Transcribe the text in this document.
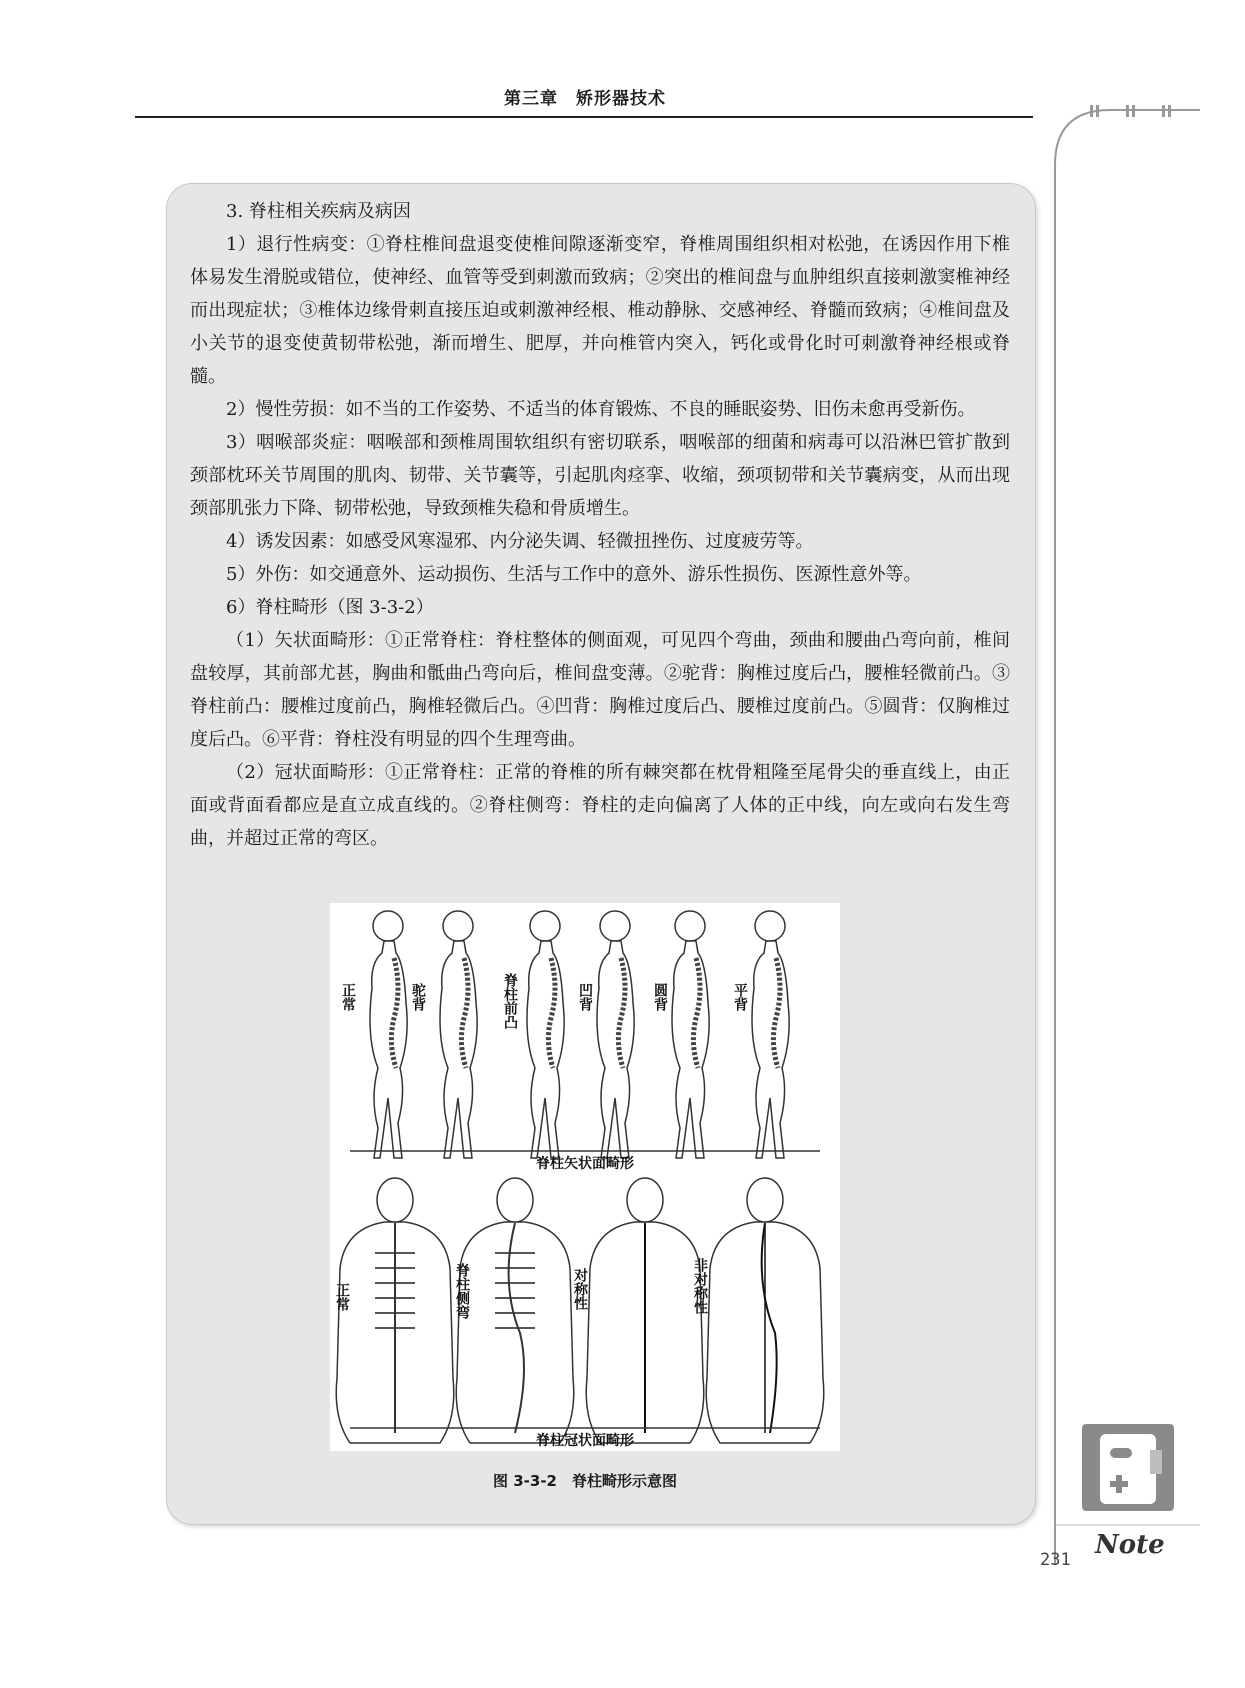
第三章　矫形器技术

3. 脊柱相关疾病及病因

1）退行性病变：①脊柱椎间盘退变使椎间隙逐渐变窄，脊椎周围组织相对松弛，在诱因作用下椎体易发生滑脱或错位，使神经、血管等受到刺激而致病；②突出的椎间盘与血肿组织直接刺激窦椎神经而出现症状；③椎体边缘骨刺直接压迫或刺激神经根、椎动静脉、交感神经、脊髓而致病；④椎间盘及小关节的退变使黄韧带松弛，渐而增生、肥厚，并向椎管内突入，钙化或骨化时可刺激脊神经根或脊髓。

2）慢性劳损：如不当的工作姿势、不适当的体育锻炼、不良的睡眠姿势、旧伤未愈再受新伤。

3）咽喉部炎症：咽喉部和颈椎周围软组织有密切联系，咽喉部的细菌和病毒可以沿淋巴管扩散到颈部枕环关节周围的肌肉、韧带、关节囊等，引起肌肉痉挛、收缩，颈项韧带和关节囊病变，从而出现颈部肌张力下降、韧带松弛，导致颈椎失稳和骨质增生。

4）诱发因素：如感受风寒湿邪、内分泌失调、轻微扭挫伤、过度疲劳等。

5）外伤：如交通意外、运动损伤、生活与工作中的意外、游乐性损伤、医源性意外等。

6）脊柱畸形（图 3-3-2）

（1）矢状面畸形：①正常脊柱：脊柱整体的侧面观，可见四个弯曲，颈曲和腰曲凸弯向前，椎间盘较厚，其前部尤甚，胸曲和骶曲凸弯向后，椎间盘变薄。②驼背：胸椎过度后凸，腰椎轻微前凸。③脊柱前凸：腰椎过度前凸，胸椎轻微后凸。④凹背：胸椎过度后凸、腰椎过度前凸。⑤圆背：仅胸椎过度后凸。⑥平背：脊柱没有明显的四个生理弯曲。

（2）冠状面畸形：①正常脊柱：正常的脊椎的所有棘突都在枕骨粗隆至尾骨尖的垂直线上，由正面或背面看都应是直立成直线的。②脊柱侧弯：脊柱的走向偏离了人体的正中线，向左或向右发生弯曲，并超过正常的弯区。

正常	驼背	脊柱前凸	凹背	圆背	平背
脊柱矢状面畸形
正常	脊柱侧弯	对称性	非对称性
脊柱冠状面畸形
图 3-3-2　脊柱畸形示意图
Note
231
